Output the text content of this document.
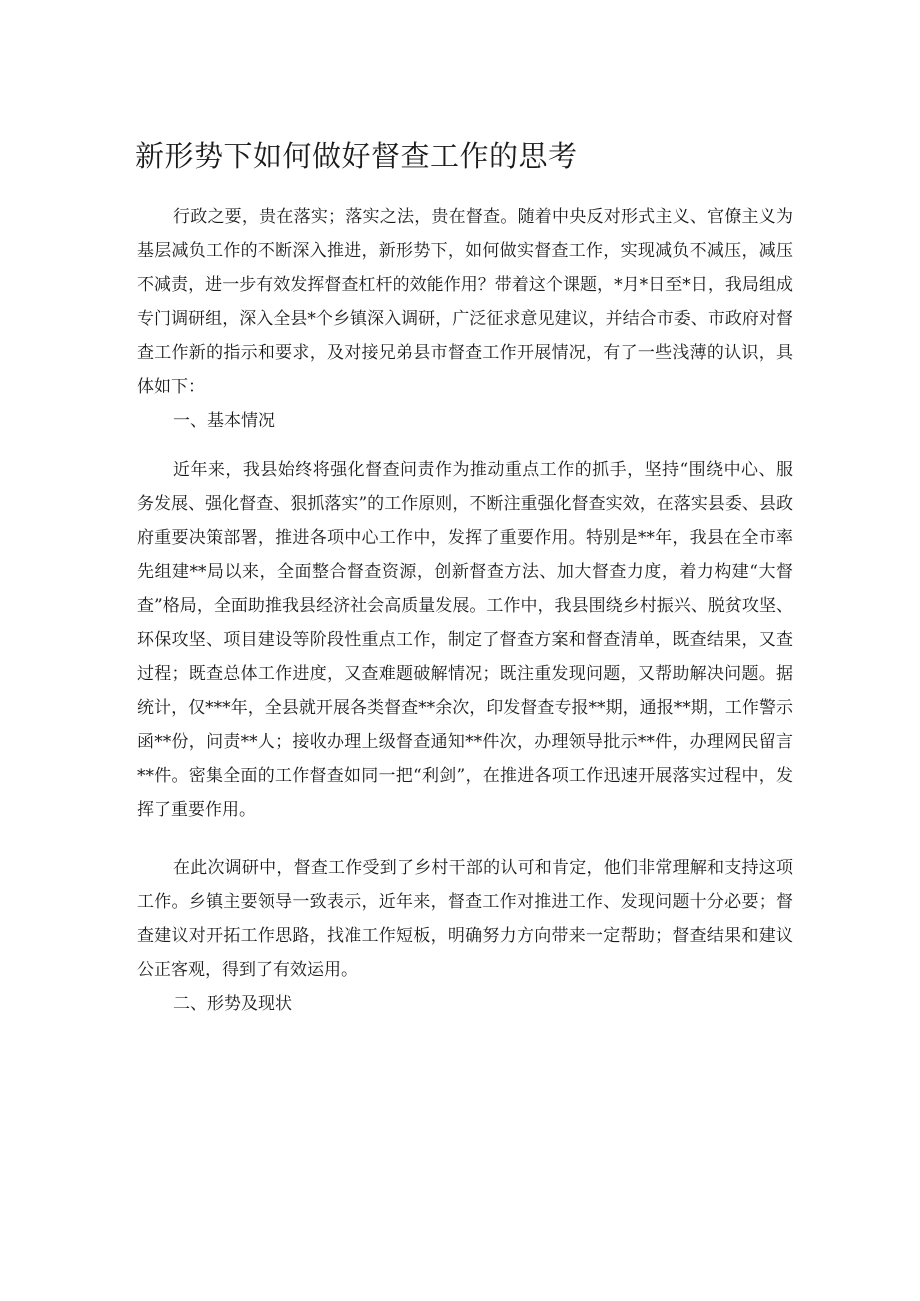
新形势下如何做好督查工作的思考

行政之要，贵在落实；落实之法，贵在督查。随着中央反对形式主义、官僚主义为基层减负工作的不断深入推进，新形势下，如何做实督查工作，实现减负不减压，减压不减责，进一步有效发挥督查杠杆的效能作用？带着这个课题，*月*日至*日，我局组成专门调研组，深入全县*个乡镇深入调研，广泛征求意见建议，并结合市委、市政府对督查工作新的指示和要求，及对接兄弟县市督查工作开展情况，有了一些浅薄的认识，具体如下：

一、基本情况

近年来，我县始终将强化督查问责作为推动重点工作的抓手，坚持“围绕中心、服务发展、强化督查、狠抓落实”的工作原则，不断注重强化督查实效，在落实县委、县政府重要决策部署，推进各项中心工作中，发挥了重要作用。特别是**年，我县在全市率先组建**局以来，全面整合督查资源，创新督查方法、加大督查力度，着力构建“大督查”格局，全面助推我县经济社会高质量发展。工作中，我县围绕乡村振兴、脱贫攻坚、环保攻坚、项目建设等阶段性重点工作，制定了督查方案和督查清单，既查结果，又查过程；既查总体工作进度，又查难题破解情况；既注重发现问题，又帮助解决问题。据统计，仅***年，全县就开展各类督查**余次，印发督查专报**期，通报**期，工作警示函**份，问责**人；接收办理上级督查通知**件次，办理领导批示**件，办理网民留言**件。密集全面的工作督查如同一把“利剑”，在推进各项工作迅速开展落实过程中，发挥了重要作用。

在此次调研中，督查工作受到了乡村干部的认可和肯定，他们非常理解和支持这项工作。乡镇主要领导一致表示，近年来，督查工作对推进工作、发现问题十分必要；督查建议对开拓工作思路，找准工作短板，明确努力方向带来一定帮助；督查结果和建议公正客观，得到了有效运用。

二、形势及现状
